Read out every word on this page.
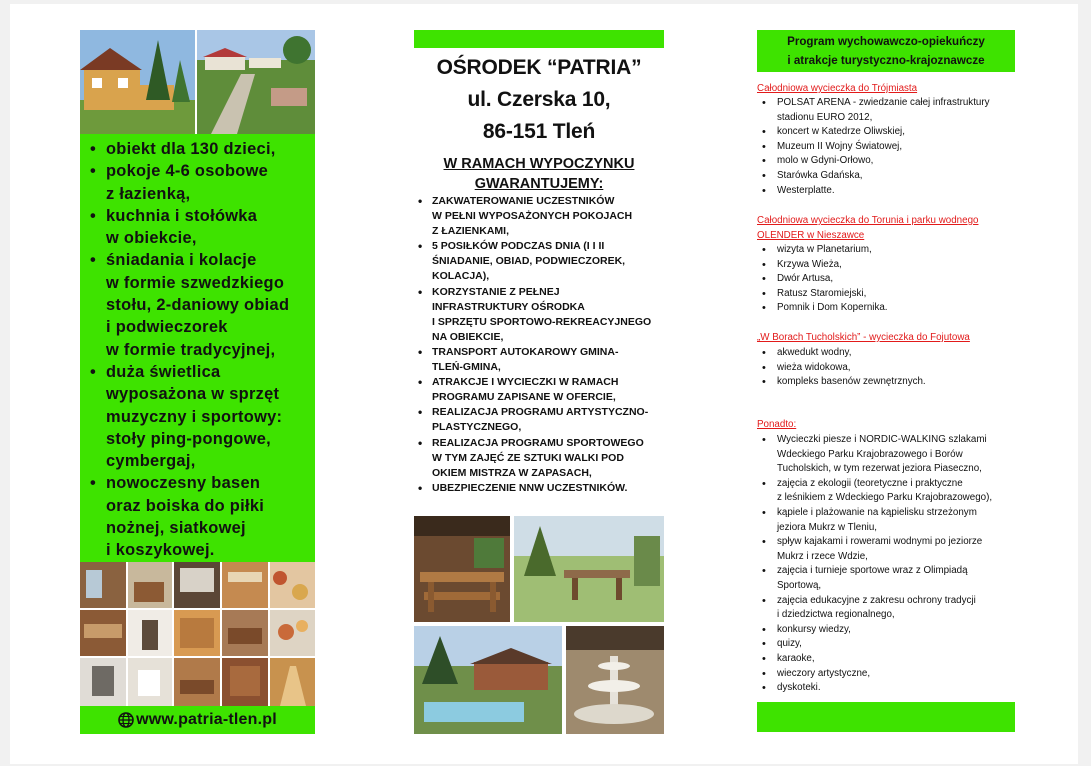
• obiekt dla 130 dzieci,
• pokoje 4-6 osobowe
z łazienką,
• kuchnia i stołówka
w obiekcie,
• śniadania i kolacje
w formie szwedzkiego
stołu, 2-daniowy obiad
i podwieczorek
w formie tradycyjnej,
• duża świetlica
wyposażona w sprzęt
muzyczny i sportowy:
stoły ping-pongowe,
cymbergaj,
• nowoczesny basen
oraz boiska do piłki
nożnej, siatkowej
i koszykowej.
www.patria-tlen.pl
OŚRODEK “PATRIA”
ul. Czerska 10,
86-151 Tleń
W RAMACH WYPOCZYNKU
GWARANTUJEMY:
• ZAKWATEROWANIE UCZESTNIKÓW
W PEŁNI WYPOSAŻONYCH POKOJACH
Z ŁAZIENKAMI,
• 5 POSIŁKÓW PODCZAS DNIA (I I II
ŚNIADANIE, OBIAD, PODWIECZOREK,
KOLACJA),
• KORZYSTANIE Z PEŁNEJ
INFRASTRUKTURY OŚRODKA
I SPRZĘTU SPORTOWO-REKREACYJNEGO
NA OBIEKCIE,
• TRANSPORT AUTOKAROWY GMINA-
TLEŃ-GMINA,
• ATRAKCJE I WYCIECZKI W RAMACH
PROGRAMU ZAPISANE W OFERCIE,
• REALIZACJA PROGRAMU ARTYSTYCZNO-
PLASTYCZNEGO,
• REALIZACJA PROGRAMU SPORTOWEGO
W TYM ZAJĘĆ ZE SZTUKI WALKI POD
OKIEM MISTRZA W ZAPASACH,
• UBEZPIECZENIE NNW UCZESTNIKÓW.
Program wychowawczo-opiekuńczy
i atrakcje turystyczno-krajoznawcze
Całodniowa wycieczka do Trójmiasta
• POLSAT ARENA - zwiedzanie całej infrastruktury
stadionu EURO 2012,
• koncert w Katedrze Oliwskiej,
• Muzeum II Wojny Światowej,
• molo w Gdyni-Orłowo,
• Starówka Gdańska,
• Westerplatte.
Całodniowa wycieczka do Torunia i parku wodnego
OLENDER w Nieszawce
• wizyta w Planetarium,
• Krzywa Wieża,
• Dwór Artusa,
• Ratusz Staromiejski,
• Pomnik i Dom Kopernika.
„W Borach Tucholskich” - wycieczka do Fojutowa
• akwedukt wodny,
• wieża widokowa,
• kompleks basenów zewnętrznych.
Ponadto:
• Wycieczki piesze i NORDIC-WALKING szlakami
Wdeckiego Parku Krajobrazowego i Borów
Tucholskich, w tym rezerwat jeziora Piaseczno,
• zajęcia z ekologii (teoretyczne i praktyczne
z leśnikiem z Wdeckiego Parku Krajobrazowego),
• kąpiele i plażowanie na kąpielisku strzeżonym
jeziora Mukrz w Tleniu,
• spływ kajakami i rowerami wodnymi po jeziorze
Mukrz i rzece Wdzie,
• zajęcia i turnieje sportowe wraz z Olimpiadą
Sportową,
• zajęcia edukacyjne z zakresu ochrony tradycji
i dziedzictwa regionalnego,
• konkursy wiedzy,
• quizy,
• karaoke,
• wieczory artystyczne,
• dyskoteki.
